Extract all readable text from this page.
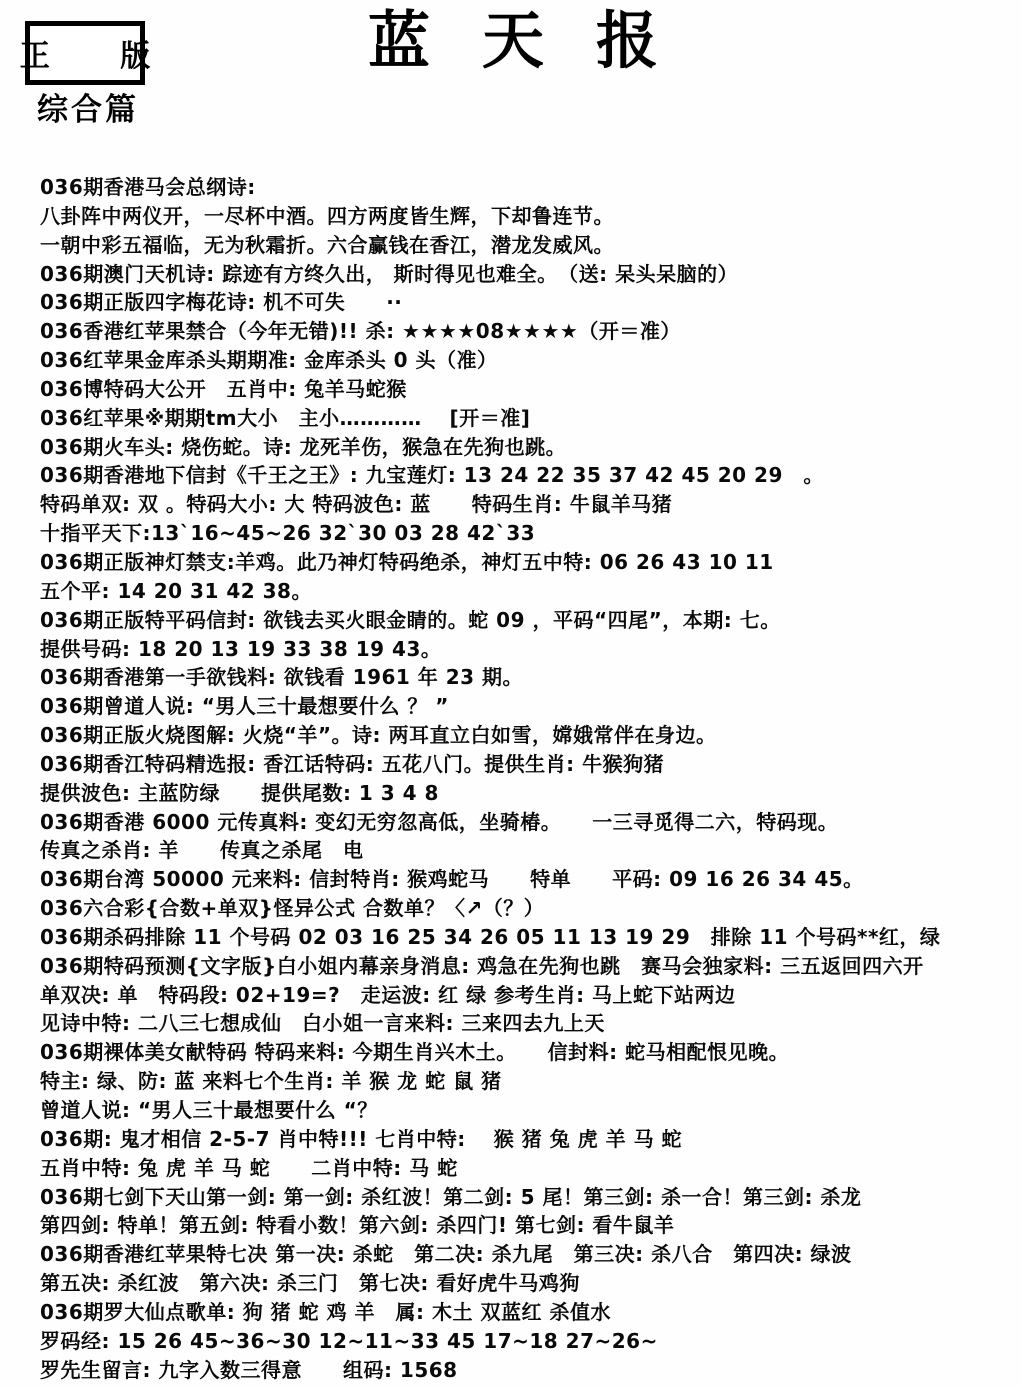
正 版	蓝天报
综合篇
036期香港马会总纲诗:
八卦阵中两仪开，一尽杯中酒。四方两度皆生辉，下却鲁连节。
一朝中彩五福临，无为秋霜折。六合赢钱在香江，潜龙发威风。
036期澳门天机诗: 踪迹有方终久出， 斯时得见也难全。　（送: 呆头呆脑的）
036期正版四字梅花诗: 机不可失　　··
036香港红苹果禁合（今年无错)!! 杀: ★★★★08★★★★（开＝准）
036红苹果金库杀头期期准: 金库杀头 0 头（准）
036博特码大公开　五肖中: 兔羊马蛇猴
036红苹果※期期tm大小　主小…………　 [开＝准]
036期火车头: 烧伤蛇。诗: 龙死羊伤，猴急在先狗也跳。
036期香港地下信封《千王之王》: 九宝莲灯: 13 24 22 35 37 42 45 20 29　。
特码单双: 双 。特码大小: 大 特码波色: 蓝　　特码生肖: 牛鼠羊马猪
十指平天下:13`16~45~26 32`30 03 28 42`33
036期正版神灯禁支:羊鸡。此乃神灯特码绝杀，神灯五中特: 06 26 43 10 11
五个平: 14 20 31 42 38。
036期正版特平码信封: 欲钱去买火眼金睛的。蛇 09 ，平码“四尾”，本期: 七。
提供号码: 18 20 13 19 33 38 19 43。
036期香港第一手欲钱料: 欲钱看 1961 年 23 期。
036期曾道人说: “男人三十最想要什么 ？ ”
036期正版火烧图解: 火烧“羊”。诗: 两耳直立白如雪，嫦娥常伴在身边。
036期香江特码精选报: 香江话特码: 五花八门。提供生肖: 牛猴狗猪
提供波色: 主蓝防绿　　提供尾数: 1 3 4 8
036期香港 6000 元传真料: 变幻无穷忽高低，坐骑椿。　　一三寻觅得二六，特码现。
传真之杀肖: 羊　　传真之杀尾　电
036期台湾 50000 元来料: 信封特肖: 猴鸡蛇马　　特单　　平码: 09 16 26 34 45。
036六合彩{合数+单双}怪异公式 合数单？〈↗（？）
036期杀码排除 11 个号码 02 03 16 25 34 26 05 11 13 19 29　排除 11 个号码**红，绿
036期特码预测{文字版}白小姐内幕亲身消息: 鸡急在先狗也跳　赛马会独家料: 三五返回四六开
单双决: 单　特码段: 02+19=?　走运波: 红 绿 参考生肖: 马上蛇下站两边
见诗中特: 二八三七想成仙　白小姐一言来料: 三来四去九上天
036期裸体美女献特码 特码来料: 今期生肖兴木土。　　信封料: 蛇马相配恨见晚。
特主: 绿、防: 蓝 来料七个生肖: 羊 猴 龙 蛇 鼠 猪
曾道人说: “男人三十最想要什么 “？
036期: 鬼才相信 2-5-7 肖中特!!! 七肖中特: 　猴 猪 兔 虎 羊 马 蛇
五肖中特: 兔 虎 羊 马 蛇　　二肖中特: 马 蛇
036期七剑下天山第一剑: 第一剑: 杀红波！第二剑: 5 尾！第三剑: 杀一合！第三剑: 杀龙
第四剑: 特单！第五剑: 特看小数！第六剑: 杀四门! 第七剑: 看牛鼠羊
036期香港红苹果特七决 第一决: 杀蛇　第二决: 杀九尾　第三决: 杀八合　第四决: 绿波
第五决: 杀红波　第六决: 杀三门　第七决: 看好虎牛马鸡狗
036期罗大仙点歌单: 狗 猪 蛇 鸡 羊　属: 木土 双蓝红 杀值水
罗码经: 15 26 45~36~30 12~11~33 45 17~18 27~26~
罗先生留言: 九字入数三得意　　组码: 1568
